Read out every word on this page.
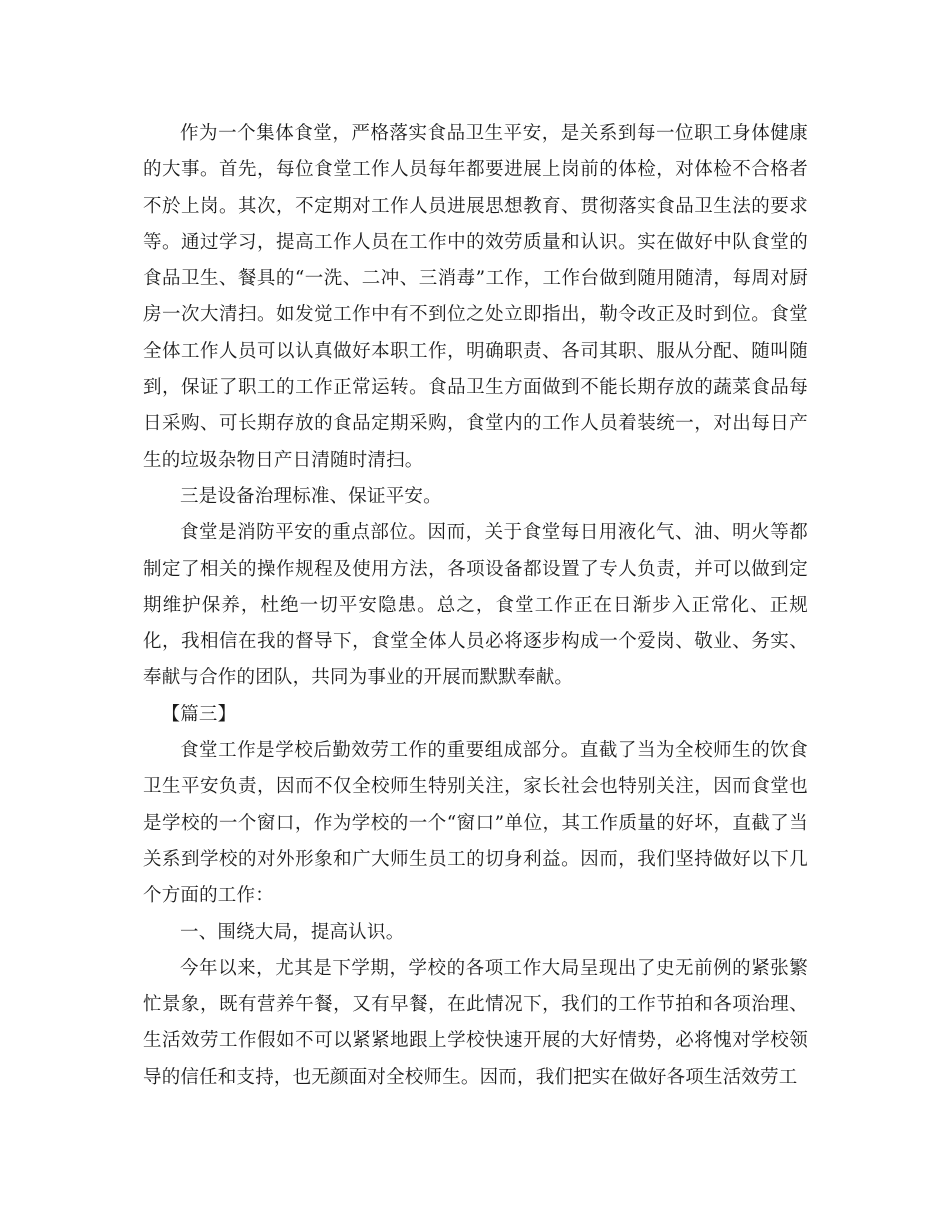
作为一个集体食堂，严格落实食品卫生平安，是关系到每一位职工身体健康的大事。首先，每位食堂工作人员每年都要进展上岗前的体检，对体检不合格者不於上岗。其次，不定期对工作人员进展思想教育、贯彻落实食品卫生法的要求等。通过学习，提高工作人员在工作中的效劳质量和认识。实在做好中队食堂的食品卫生、餐具的“一洗、二冲、三消毒”工作，工作台做到随用随清，每周对厨房一次大清扫。如发觉工作中有不到位之处立即指出，勒令改正及时到位。食堂全体工作人员可以认真做好本职工作，明确职责、各司其职、服从分配、随叫随到，保证了职工的工作正常运转。食品卫生方面做到不能长期存放的蔬菜食品每日采购、可长期存放的食品定期采购，食堂内的工作人员着装统一，对出每日产生的垃圾杂物日产日清随时清扫。

三是设备治理标准、保证平安。

食堂是消防平安的重点部位。因而，关于食堂每日用液化气、油、明火等都制定了相关的操作规程及使用方法，各项设备都设置了专人负责，并可以做到定期维护保养，杜绝一切平安隐患。总之，食堂工作正在日渐步入正常化、正规化，我相信在我的督导下，食堂全体人员必将逐步构成一个爱岗、敬业、务实、奉献与合作的团队，共同为事业的开展而默默奉献。

【篇三】

食堂工作是学校后勤效劳工作的重要组成部分。直截了当为全校师生的饮食卫生平安负责，因而不仅全校师生特别关注，家长社会也特别关注，因而食堂也是学校的一个窗口，作为学校的一个“窗口”单位，其工作质量的好坏，直截了当关系到学校的对外形象和广大师生员工的切身利益。因而，我们坚持做好以下几个方面的工作：

一、围绕大局，提高认识。

今年以来，尤其是下学期，学校的各项工作大局呈现出了史无前例的紧张繁忙景象，既有营养午餐，又有早餐，在此情况下，我们的工作节拍和各项治理、生活效劳工作假如不可以紧紧地跟上学校快速开展的大好情势，必将愧对学校领导的信任和支持，也无颜面对全校师生。因而，我们把实在做好各项生活效劳工
